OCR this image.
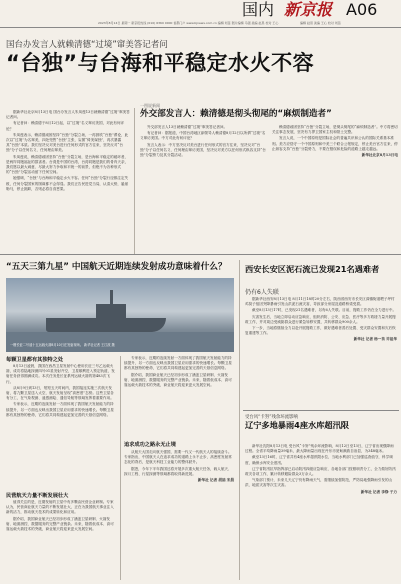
2023年8月14日 星期一 新京报热线 (010) 6360 0000 首都门户 www.bjnews.com.cn 编辑 刘苗 图片编辑 马强 美编 赵思 校对 王心	编辑 赵思 美编 王心 校对 刘苗
国内 新京报 A06
国台办发言人就赖清德“过境”窜美答记者问
“台独”与台海和平稳定水火不容

据新华社北京8月13日电 国台办发言人朱凤莲13日就赖清德“过境”窜美答记者问。

有记者问：赖清德于8月12日起，以“过境”名义窜访美国，对此有何评论？

朱凤莲表示，赖清德顽固坚持“台独”分裂立场，一再鼓吹“台独”谬论，此次以“过境”为名窜美，四处兜售“台独”主张，妄图“倚美谋独”，再次暴露其“台独”本质。我们坚决反对美台进行任何形式的官方往来，坚决反对“台独”分子以任何名义、任何理由窜美。

朱凤莲说，赖清德顽固坚持“台独”分裂立场，是台海和平稳定的破坏者，是两岸同胞福祉的损害者。台湾是中国的台湾，台湾同胞是我们的骨肉天亲，我们愿以最大诚意、尽最大努力争取和平统一的前景，但绝不为各种形式的“台独”分裂活动留下任何空间。

她强调，“台独”与台海和平稳定水火不容。任何“台独”分裂行径都注定失败，任何分裂国家的图谋都不会得逞。我们正告民进党当局，认清大势，悬崖勒马，停止挑衅，否则必将自食恶果。

一图说新闻
外交部发言人：赖清德是彻头彻尾的“麻烦制造者”

外交部发言人13日就赖清德“过境”窜美答记者问。

有记者问：据报道，中国台湾地区副领导人赖清德8月12日以所谓“过境”名义窜访美国。中方对此有何评论？

发言人表示：中方坚决反对美台进行任何形式的官方往来，坚决反对“台独”分子以任何名义、任何理由窜访美国，坚决反对美方以任何形式纵容支持“台独”分裂势力及其分裂活动。

赖清德顽固坚持“台独”分裂立场，是彻头彻尾的“麻烦制造者”。中方将密切关注事态发展，坚决有力捍卫国家主权和领土完整。

发言人说，一个中国原则是国际社会的普遍共识和公认的国际关系基本准则。美方应恪守一个中国原则和中美三个联合公报规定，停止美台官方往来，停止纵容支持“台独”分裂势力，不要在错误和危险的道路上越走越远。

新华社北京8月13日电

“五天三第九星” 中国航天近期连续发射成功意味着什么？
一艘长征二号遥十五运载火箭8月10日在发射现场。 新华社记者 王江波 摄
每颗卫星都有其独特之处

8月13日凌晨，我国在西昌卫星发射中心使用长征三号乙运载火箭，成功将陆地探测四号01星发射升空，卫星顺利进入预定轨道，发射任务获得圆满成功。本次任务是长征系列运载火箭的第483次飞行。

从8月9日到13日，短短五天时间内，我国接连实施三次航天发射，将九颗卫星送入太空，航天发射呈现“高密度”态势。这些卫星各有分工，在气象观测、遥感测绘、通信导航等领域发挥着重要作用。

专家表示，近期的连续发射一方面体现了我国航天发射能力的持续提升，另一方面也反映出我国卫星应用需求的快速增长。每颗卫星都有其独特的使命，它们将共同构建起更加完善的天基信息网络。

民营航天力量不断发展壮大

值得关注的是，近期发射的卫星中有多颗由民营企业研制。专家认为，民营商业航天力量的不断发展壮大，正在为我国航天事业注入新的活力，推动航天技术的成果转化和应用。

据介绍，我国商业航天已经初步形成了涵盖卫星研制、火箭发射、地面测控、数据服务的完整产业链条。未来，随着低成本、高可靠运载火箭技术的突破，商业航天将迎来更大发展空间。

专家表示，近期的连续发射一方面体现了我国航天发射能力的持续提升，另一方面也反映出我国卫星应用需求的快速增长。每颗卫星都有其独特的使命，它们将共同构建起更加完善的天基信息网络。

据介绍，我国商业航天已经初步形成了涵盖卫星研制、火箭发射、地面测控、数据服务的完整产业链条。未来，随着低成本、高可靠运载火箭技术的突破，商业航天将迎来更大发展空间。

追求成功之路永无止境

从航天大国走向航天强国，需要一代又一代航天人的接续奋斗。专家指出，中国航天人在追求成功的道路上永不止步，高密度发射常态化的背后，是航天科技工业能力的整体跃升。

据悉，今年下半年我国还将开展多次重大航天任务，载人航天、探月工程、行星探测等领域都将取得新进展。

新华社 记者 胡喆 宋晨

西安长安区泥石流已发现21名遇难者
仍有6人失联

据新华社西安8月13日电 8月11日18时20分左右，陕西省西安市长安区滦镇街道喂子坪村鸡窝子组因突降暴雨引发山洪泥石流灾害，导致部分房屋及道路桥梁受损。

截至8月13日17时，已发现21名遇难者，另有6人失联。目前，搜救工作仍在全力进行中。

灾害发生后，当地立即启动应急响应，组织消防、公安、应急、医疗等多方救援力量开展搜救工作，并对周边受威胁群众进行紧急转移安置，共转移群众900余人。

下一步，当地将继续全力以赴开展搜救工作，做好遇难者善后处置、受灾群众安置和灾后恢复重建等工作。

新华社 记者 杨一苗 许祖华

受台风“卡努”残余环流影响
辽宁多地暴雨4座水库超汛限

新华社沈阳8月13日电 受台风“卡努”残余环流影响，8月12日至13日，辽宁省出现强降雨过程。全省平均降雨量39毫米，最大降雨量出现在丹东市宽甸满族自治县，为348毫米。

截至13日16时，辽宁省共有4座水库超汛限水位，当地水利部门已加强巡查值守，科学调度，确保水库安全度汛。

辽宁省防汛抗旱指挥部已启动防汛四级应急响应，各地各部门按照职责分工，全力做好防汛救灾各项工作，累计转移避险群众3万余人。

气象部门预计，未来几天辽宁仍有降雨天气，需继续加强防范，严防局地强降雨引发的山洪、地质灾害等次生灾害。

新华社 记者 李铮 于力
